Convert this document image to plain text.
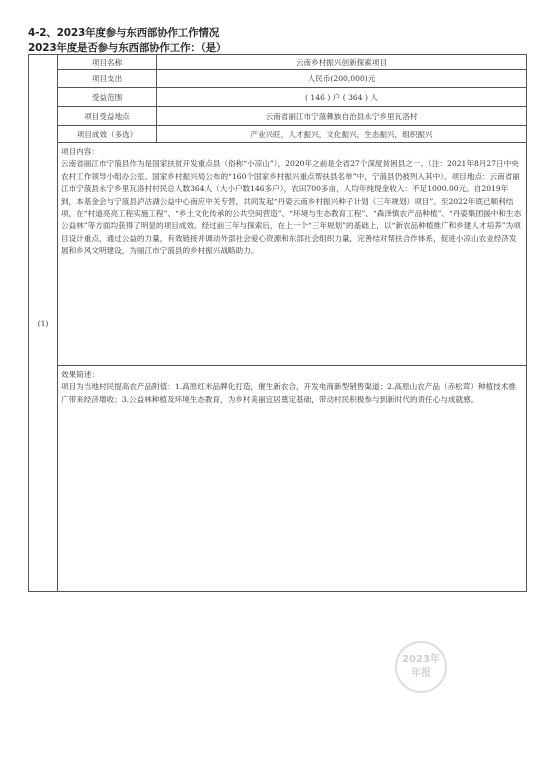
4-2、2023年度参与东西部协作工作情况
2023年度是否参与东西部协作工作：（是）
(1)	项目名称	云南乡村振兴创新探索项目
	项目支出	人民币(200,000)元
	受益范围	( 146 ) 户 ( 364 ) 人
	项目受益地点	云南省丽江市宁蒗彝族自治县永宁乡里瓦洛村
	项目成效（多选）	产业兴旺，人才振兴，文化振兴，生态振兴，组织振兴
	项目内容：
云南省丽江市宁蒗县作为是国家扶贫开发重点县（俗称“小凉山”），2020年之前是全省27个深度贫困县之一。（注：2021年8月27日中央农村工作领导小组办公室、国家乡村振兴局公布的“160个国家乡村振兴重点帮扶县名单”中，宁蒗县仍被列入其中）。项目地点：云南省丽江市宁蒗县永宁乡里瓦洛村村民总人数364人（大小户数146多户），农田700多亩，人均年纯现金收入：不足1000.00元。自2019年到，本基金会与宁蒗县泸沽湖公益中心南应中关专营，共同发起“丹姿云南乡村振兴种子计划（三年规划）项目”。至2022年底已顺利结项，在“村道亮亮工程实施工程”、“乡土文化传承的公共空间营造”、“环境与生态教育工程”、“森泽慎农产品种植”、“丹姿集团援中和生态公益林”等方面均获得了明显的项目成效。经过前三年与探索后，在上一个“三年规划”的基础上，以“新农品种植推广和乡建人才培养”为项目设计重点，通过公益的力量，有效链接并调动外部社会爱心资源和东部社会组织力量，完善结对帮扶合作体系，促进小凉山农业经济发展和乡风文明建设，为丽江市宁蒗县的乡村振兴战略助力。	
	效果简述：
项目为当地村民提高农产品附值：1.高原红米品牌化打造，催生新农合，开发电商新型销售渠道；2.高原山农产品（赤松茸）种植技术推广带来经济增收；3.公益林种植及环境生态教育，为乡村美丽宜居奠定基础，带动村民积极参与到新时代的责任心与成就感。	
2023年
年报
